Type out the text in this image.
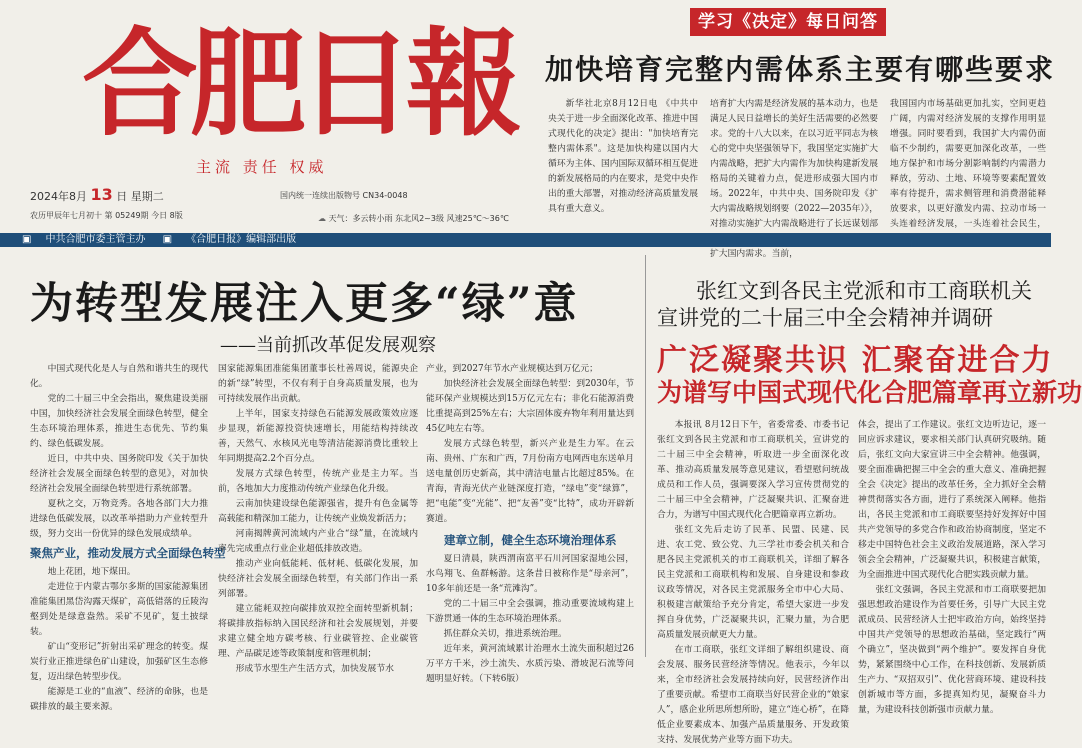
合肥日報
主流 责任 权威
2024年8月 13 日 星期二
农历甲辰年七月初十 第 05249期 今日 8版
国内统一连续出版物号 CN34-0048
☁ 天气：多云转小雨 东北风2~3级 风速25℃～36℃
学习《决定》每日问答
加快培育完整内需体系主要有哪些要求

新华社北京8月12日电 《中共中央关于进一步全面深化改革、推进中国式现代化的决定》提出："加快培育完整内需体系"。这是加快构建以国内大循环为主体、国内国际双循环相互促进的新发展格局的内在要求，是党中央作出的重大部署，对推动经济高质量发展具有重大意义。

培育扩大内需是经济发展的基本动力，也是满足人民日益增长的美好生活需要的必然要求。党的十八大以来，在以习近平同志为核心的党中央坚强领导下，我国坚定实施扩大内需战略，把扩大内需作为加快构建新发展格局的关键着力点，促进形成强大国内市场。2022年，中共中央、国务院印发《扩大内需战略规划纲要（2022—2035年）》，对推动实施扩大内需战略进行了长远谋划部 扩大国内需求。当前，

我国国内市场基础更加扎实，空间更趋广阔，内需对经济发展的支撑作用明显增强。同时要看到，我国扩大内需仍面临不少制约，需要更加深化改革，一些地方保护和市场分割影响制约内需潜力释放，劳动、土地、环境等要素配置效率有待提升，需求侧管理和消费潜能释放要求，以更好激发内需、拉动市场一头连着经济发展，一头连着社会民生，

▣ 中共合肥市委主管主办 ▣ 《合肥日报》编辑部出版
为转型发展注入更多“绿”意
——当前抓改革促发展观察

中国式现代化是人与自然和谐共生的现代化。

党的二十届三中全会指出，聚焦建设美丽中国，加快经济社会发展全面绿色转型，健全生态环境治理体系，推进生态优先、节约集约、绿色低碳发展。

近日，中共中央、国务院印发《关于加快经济社会发展全面绿色转型的意见》，对加快经济社会发展全面绿色转型进行系统部署。

夏秋之交，万物竞秀。各地各部门大力推进绿色低碳发展，以改革举措助力产业转型升级，努力交出一份优异的绿色发展成绩单。

聚焦产业，推动发展方式全面绿色转型

地上花团，地下煤田。

走进位于内蒙古鄂尔多斯的国家能源集团准能集团黑岱沟露天煤矿，高低错落的丘陵沟壑到处是绿意盎然。采矿不见矿，复土披绿装。

矿山“变形记”折射出采矿理念的转变。煤炭行业正推进绿色矿山建设，加强矿区生态修复，迈出绿色转型步伐。

能源是工业的“血液”、经济的命脉，也是碳排放的最主要来源。

国家能源集团准能集团董事长杜善周说，能源央企的新“绿”转型，不仅有利于自身高质量发展，也为可持续发展作出贡献。

上半年，国家支持绿色石能源发展政策效应逐步显现，新能源投资快速增长，用能结构持续改善，天然气、水核风光电等清洁能源消费比重较上年同期提高2.2个百分点。

发展方式绿色转型，传统产业是主力军。当前，各地加大力度推动传统产业绿色化升级。

云南加快建设绿色能源强省，提升有色金属等高载能和精深加工能力，让传统产业焕发新活力；

河南揭牌黄河流域内产业合“绿”量，在流域内率先完成重点行业企业超低排放改造。

推动产业向低能耗、低材耗、低碳化发展，加快经济社会发展全面绿色转型，有关部门作出一系列部署。

建立能耗双控向碳排放双控全面转型新机制；将碳排放指标纳入国民经济和社会发展规划，并要求建立健全地方碳考核、行业碳管控、企业碳管理、产品碳足迹等政策制度和管理机制；

形成节水型生产生活方式，加快发展节水

产业，到2027年节水产业规模达到万亿元；

加快经济社会发展全面绿色转型：到2030年，节能环保产业规模达到15万亿元左右；非化石能源消费比重提高到25%左右；大宗固体废弃物年利用量达到45亿吨左右等。

发展方式绿色转型，新兴产业是生力军。在云南、贵州、广东和广西，7月份南方电网西电东送单月送电量创历史新高，其中清洁电量占比超过85%。在青海，青海光伏产业链深度打造，“绿电”变“绿算”，把“电能”变“光能”、把“友善”变“比特”，成功开辟新赛道。

建章立制，健全生态环境治理体系

夏日清晨，陕西渭南富平石川河国家湿地公园，水鸟翔飞、鱼群畅游。这条昔日被称作是“母亲河”，10多年前还是一条“荒滩沟”。

党的二十届三中全会强调，推动重要流域构建上下游贯通一体的生态环境治理体系。

抓住群众关切，推进系统治理。

近年来，黄河流域累计治理水土流失面积超过26万平方千米，沙土流失、水质污染、滑坡泥石流等问题明显好转。（下转6版）

张红文到各民主党派和市工商联机关
宣讲党的二十届三中全会精神并调研
广泛凝聚共识 汇聚奋进合力
为谱写中国式现代化合肥篇章再立新功

本报讯 8月12日下午，省委常委、市委书记张红文到各民主党派和市工商联机关，宣讲党的二十届三中全会精神，听取进一步全面深化改革、推动高质量发展等意见建议，看望慰问统战成员和工作人员，强调要深入学习宣传贯彻党的二十届三中全会精神，广泛凝聚共识、汇聚奋进合力，为谱写中国式现代化合肥篇章再立新功。

张红文先后走访了民革、民盟、民建、民进、农工党、致公党、九三学社市委会机关和合肥各民主党派机关的市工商联机关，详细了解各民主党派和工商联机构和发展、自身建设和参政议政等情况，对各民主党派服务全市中心大局、积极建言献策给予充分肯定，希望大家进一步发挥自身优势，广泛凝聚共识，汇聚力量，为合肥高质量发展贡献更大力量。

在市工商联，张红文详细了解组织建设、商会发展、服务民营经济等情况。他表示，今年以来，全市经济社会发展持续向好，民营经济作出了重要贡献。希望市工商联当好民营企业的“娘家人”，感企业所思所想所盼，建立“连心桥”，在降低企业要素成本、加强产品质量服务、开发政策支持、发展优势产业等方面下功夫。

体会，提出了工作建议。张红文边听边记，逐一回应诉求建议，要求相关部门认真研究吸纳。随后，张红文向大家宣讲三中全会精神。他强调，要全面准确把握三中全会的重大意义、准确把握全会《决定》提出的改革任务，全力抓好全会精神贯彻落实各方面，进行了系统深入阐释。他指出，各民主党派和市工商联要坚持好发挥好中国共产党领导的多党合作和政治协商制度，坚定不移走中国特色社会主义政治发展道路，深入学习领会全会精神，广泛凝聚共识，积极建言献策，为全面推进中国式现代化合肥实践贡献力量。

张红文强调，各民主党派和市工商联要把加强思想政治建设作为首要任务，引导广大民主党派成员、民营经济人士把牢政治方向，始终坚持中国共产党领导的思想政治基础，坚定践行“两个确立”，坚决做到“两个维护”。要发挥自身优势，紧紧围绕中心工作，在科技创新、发展新质生产力、“双招双引”、优化营商环境、建设科技创新城市等方面，多提真知灼见，凝聚奋斗力量，为建设科技创新强市贡献力量。
